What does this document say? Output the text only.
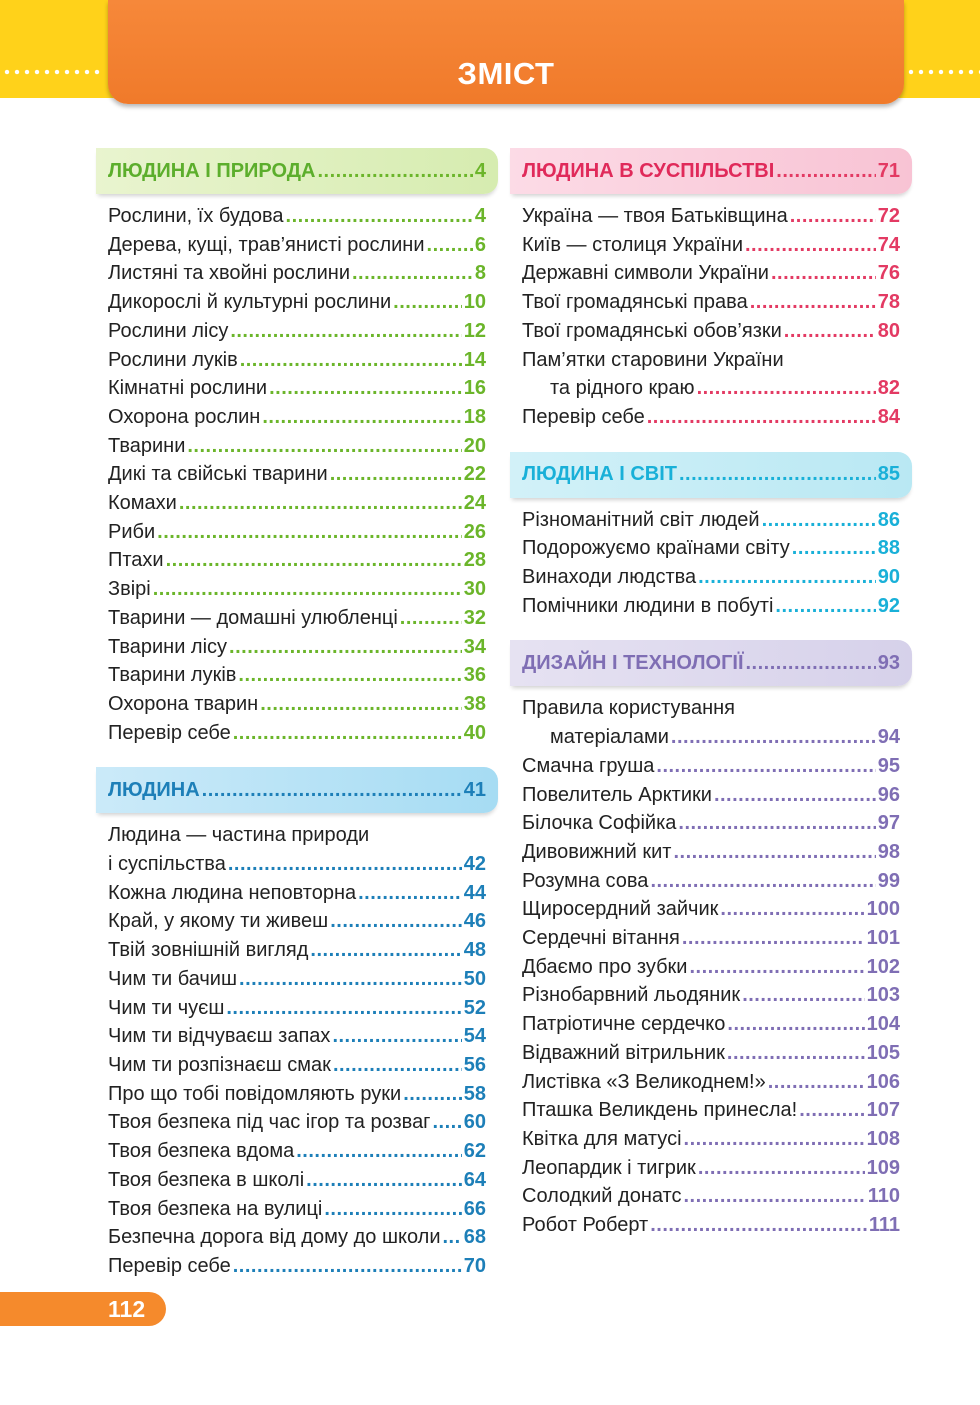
ЗМІСТ
ЛЮДИНА І ПРИРОДА .....	4
Рослини, їх будова .....	4
Дерева, кущі, трав’янисті рослини .....	6
Листяні та хвойні рослини .....	8
Дикорослі й культурні рослини .....	10
Рослини лісу .....	12
Рослини луків .....	14
Кімнатні рослини .....	16
Охорона рослин .....	18
Тварини .....	20
Дикі та свійські тварини .....	22
Комахи .....	24
Риби .....	26
Птахи .....	28
Звірі .....	30
Тварини — домашні улюбленці .....	32
Тварини лісу .....	34
Тварини луків .....	36
Охорона тварин .....	38
Перевір себе .....	40
ЛЮДИНА .....	41
Людина — частина природи
і суспільства .....	42
Кожна людина неповторна .....	44
Край, у якому ти живеш .....	46
Твій зовнішній вигляд .....	48
Чим ти бачиш .....	50
Чим ти чуєш .....	52
Чим ти відчуваєш запах .....	54
Чим ти розпізнаєш смак .....	56
Про що тобі повідомляють руки .....	58
Твоя безпека під час ігор та розваг ..... 60
Твоя безпека вдома .....	62
Твоя безпека в школі .....	64
Твоя безпека на вулиці .....	66
Безпечна дорога від дому до школи ..... 68
Перевір себе .....	70
ЛЮДИНА В СУСПІЛЬСТВІ .....	71
Україна — твоя Батьківщина .....	72
Київ — столиця України .....	74
Державні символи України .....	76
Твої громадянські права .....	78
Твої громадянські обов’язки .....	80
Пам’ятки старовини України
та рідного краю .....	82
Перевір себе .....	84
ЛЮДИНА І СВІТ .....	85
Різноманітний світ людей .....	86
Подорожуємо країнами світу .....	88
Винаходи людства .....	90
Помічники людини в побуті .....	92
ДИЗАЙН І ТЕХНОЛОГІЇ .....	93
Правила користування
матеріалами .....	94
Смачна груша .....	95
Повелитель Арктики .....	96
Білочка Софійка .....	97
Дивовижний кит .....	98
Розумна сова .....	99
Щиросердний зайчик .....	100
Сердечні вітання .....	101
Дбаємо про зубки .....	102
Різнобарвний льодяник .....	103
Патріотичне сердечко .....	104
Відважний вітрильник .....	105
Листівка «З Великоднем!» .....	106
Пташка Великдень принесла! .....	107
Квітка для матусі .....	108
Леопардик і тигрик .....	109
Солодкий донатс .....	110
Робот Роберт .....	111
112
